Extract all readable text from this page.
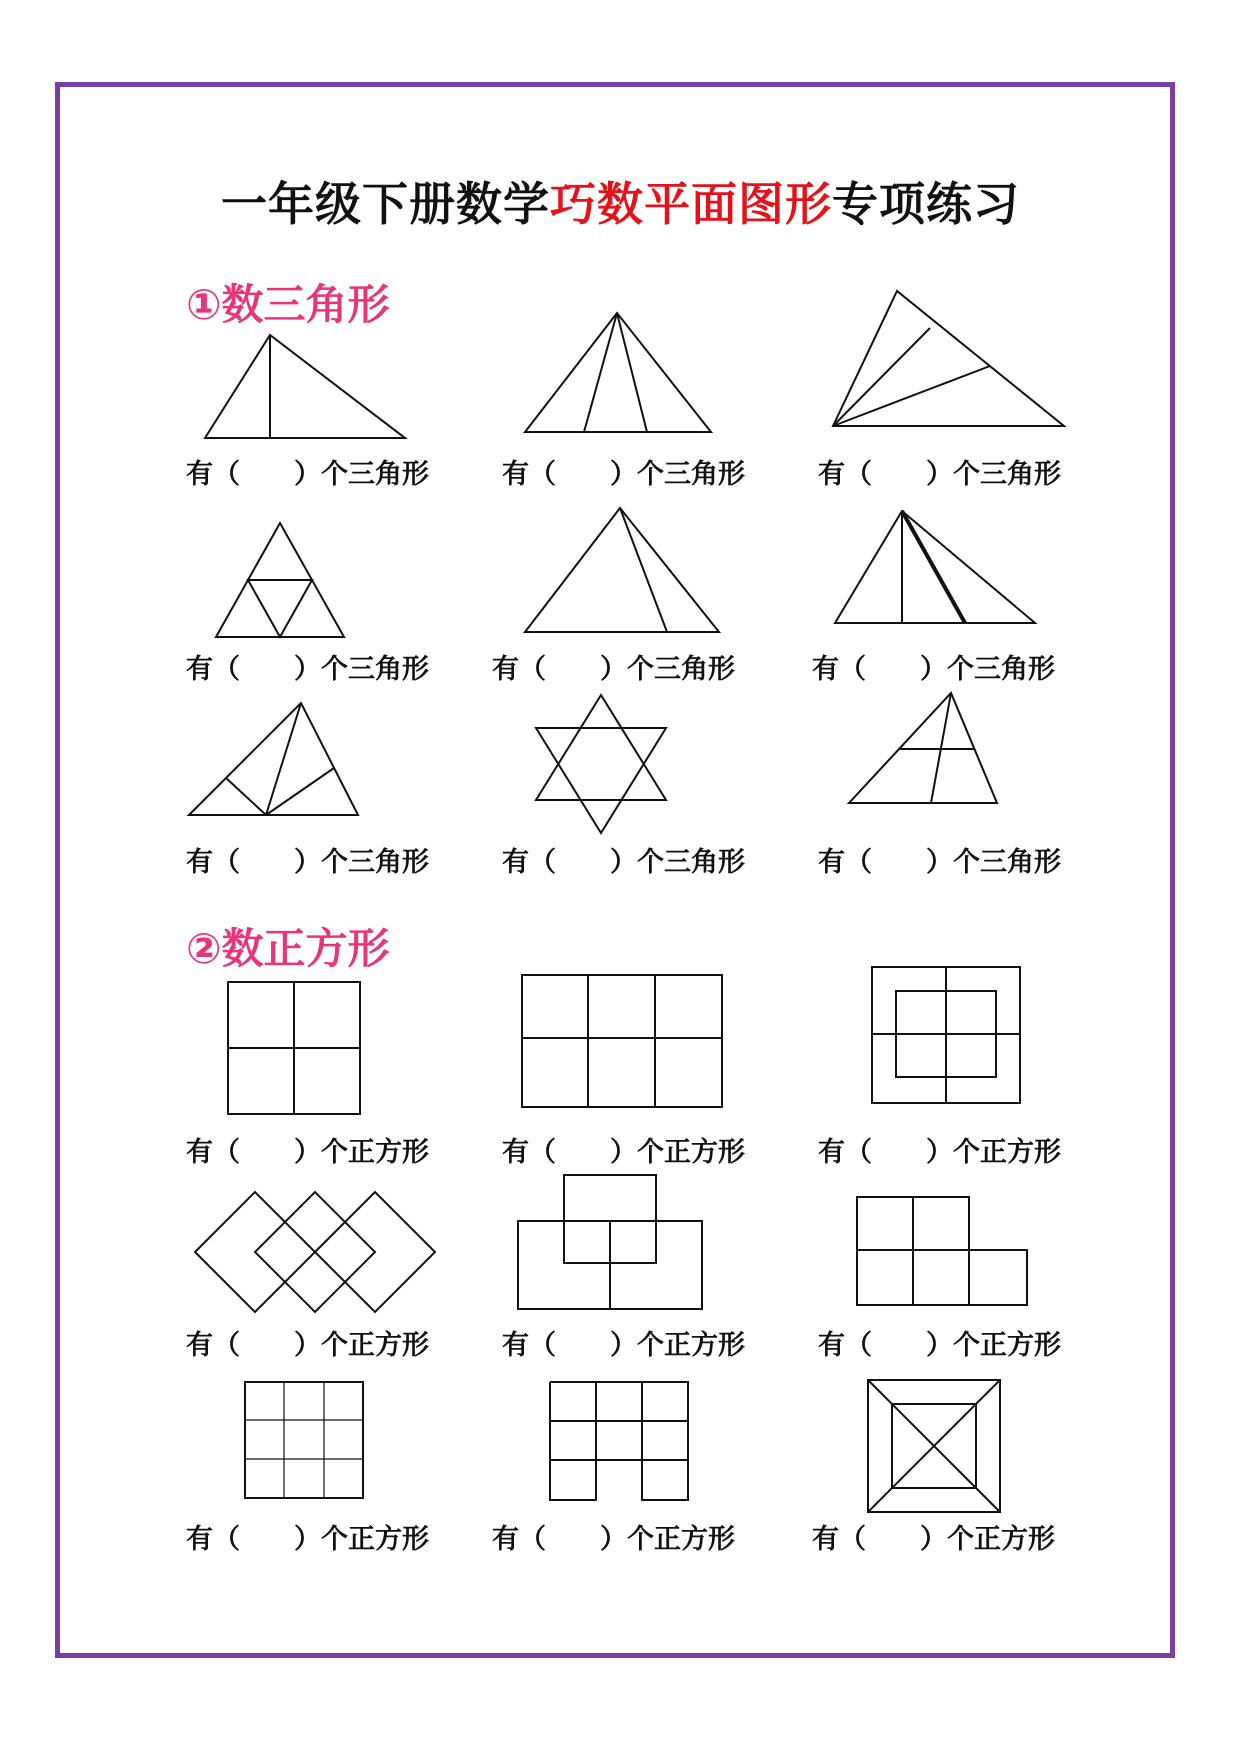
一年级下册数学巧数平面图形专项练习
①数三角形
有（　　）个三角形	有（　　）个三角形	有（　　）个三角形
有（　　）个三角形 有（　　）个三角形	有（　　）个三角形
有（　　）个三角形	有（　　）个三角形	有（　　）个三角形
②数正方形
有（　　）个正方形	有（　　）个正方形	有（　　）个正方形
有（　　）个正方形	有（　　）个正方形	有（　　）个正方形
有（　　）个正方形 有（　　）个正方形	有（　　）个正方形
